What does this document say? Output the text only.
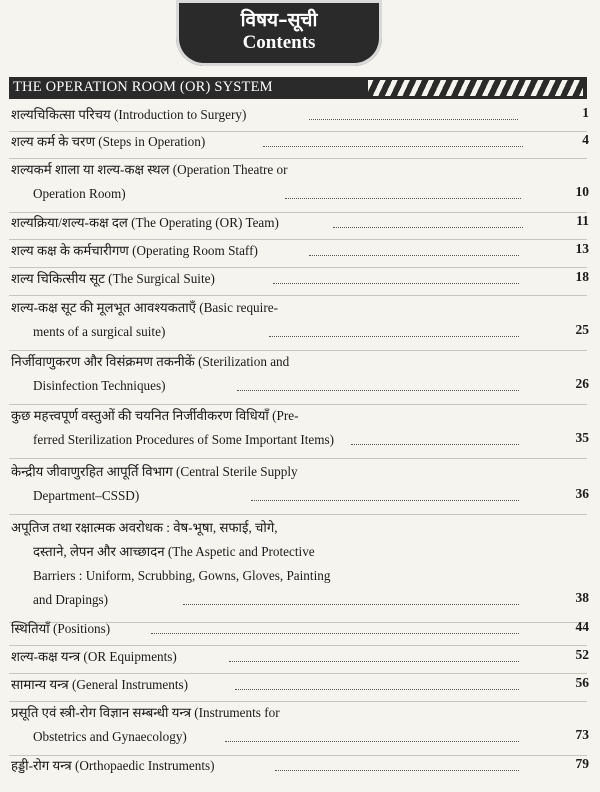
विषय–सूची
Contents
THE OPERATION ROOM (OR) SYSTEM
शल्यचिकित्सा परिचय (Introduction to Surgery)	1
शल्य कर्म के चरण (Steps in Operation)	4
शल्यकर्म शाला या शल्य-कक्ष स्थल (Operation Theatre or
Operation Room)	10
शल्यक्रिया/शल्य-कक्ष दल (The Operating (OR) Team)	11
शल्य कक्ष के कर्मचारीगण (Operating Room Staff)	13
शल्य चिकित्सीय सूट (The Surgical Suite)	18
शल्य-कक्ष सूट की मूलभूत आवश्यकताएँ (Basic require-
ments of a surgical suite)	25
निर्जीवाणुकरण और विसंक्रमण तकनीकें (Sterilization and
Disinfection Techniques)	26
कुछ महत्त्वपूर्ण वस्तुओं की चयनित निर्जीवीकरण विधियाँ (Pre-
ferred Sterilization Procedures of Some Important Items)	35
केन्द्रीय जीवाणुरहित आपूर्ति विभाग (Central Sterile Supply
Department–CSSD)	36
अपूतिज तथा रक्षात्मक अवरोधक : वेष-भूषा, सफाई, चोगे,
दस्ताने, लेपन और आच्छादन (The Aspetic and Protective
Barriers : Uniform, Scrubbing, Gowns, Gloves, Painting
and Drapings)	38
स्थितियाँ (Positions)	44
शल्य-कक्ष यन्त्र (OR Equipments)	52
सामान्य यन्त्र (General Instruments)	56
प्रसूति एवं स्त्री-रोग विज्ञान सम्बन्धी यन्त्र (Instruments for
Obstetrics and Gynaecology)	73
हड्डी-रोग यन्त्र (Orthopaedic Instruments)	79
